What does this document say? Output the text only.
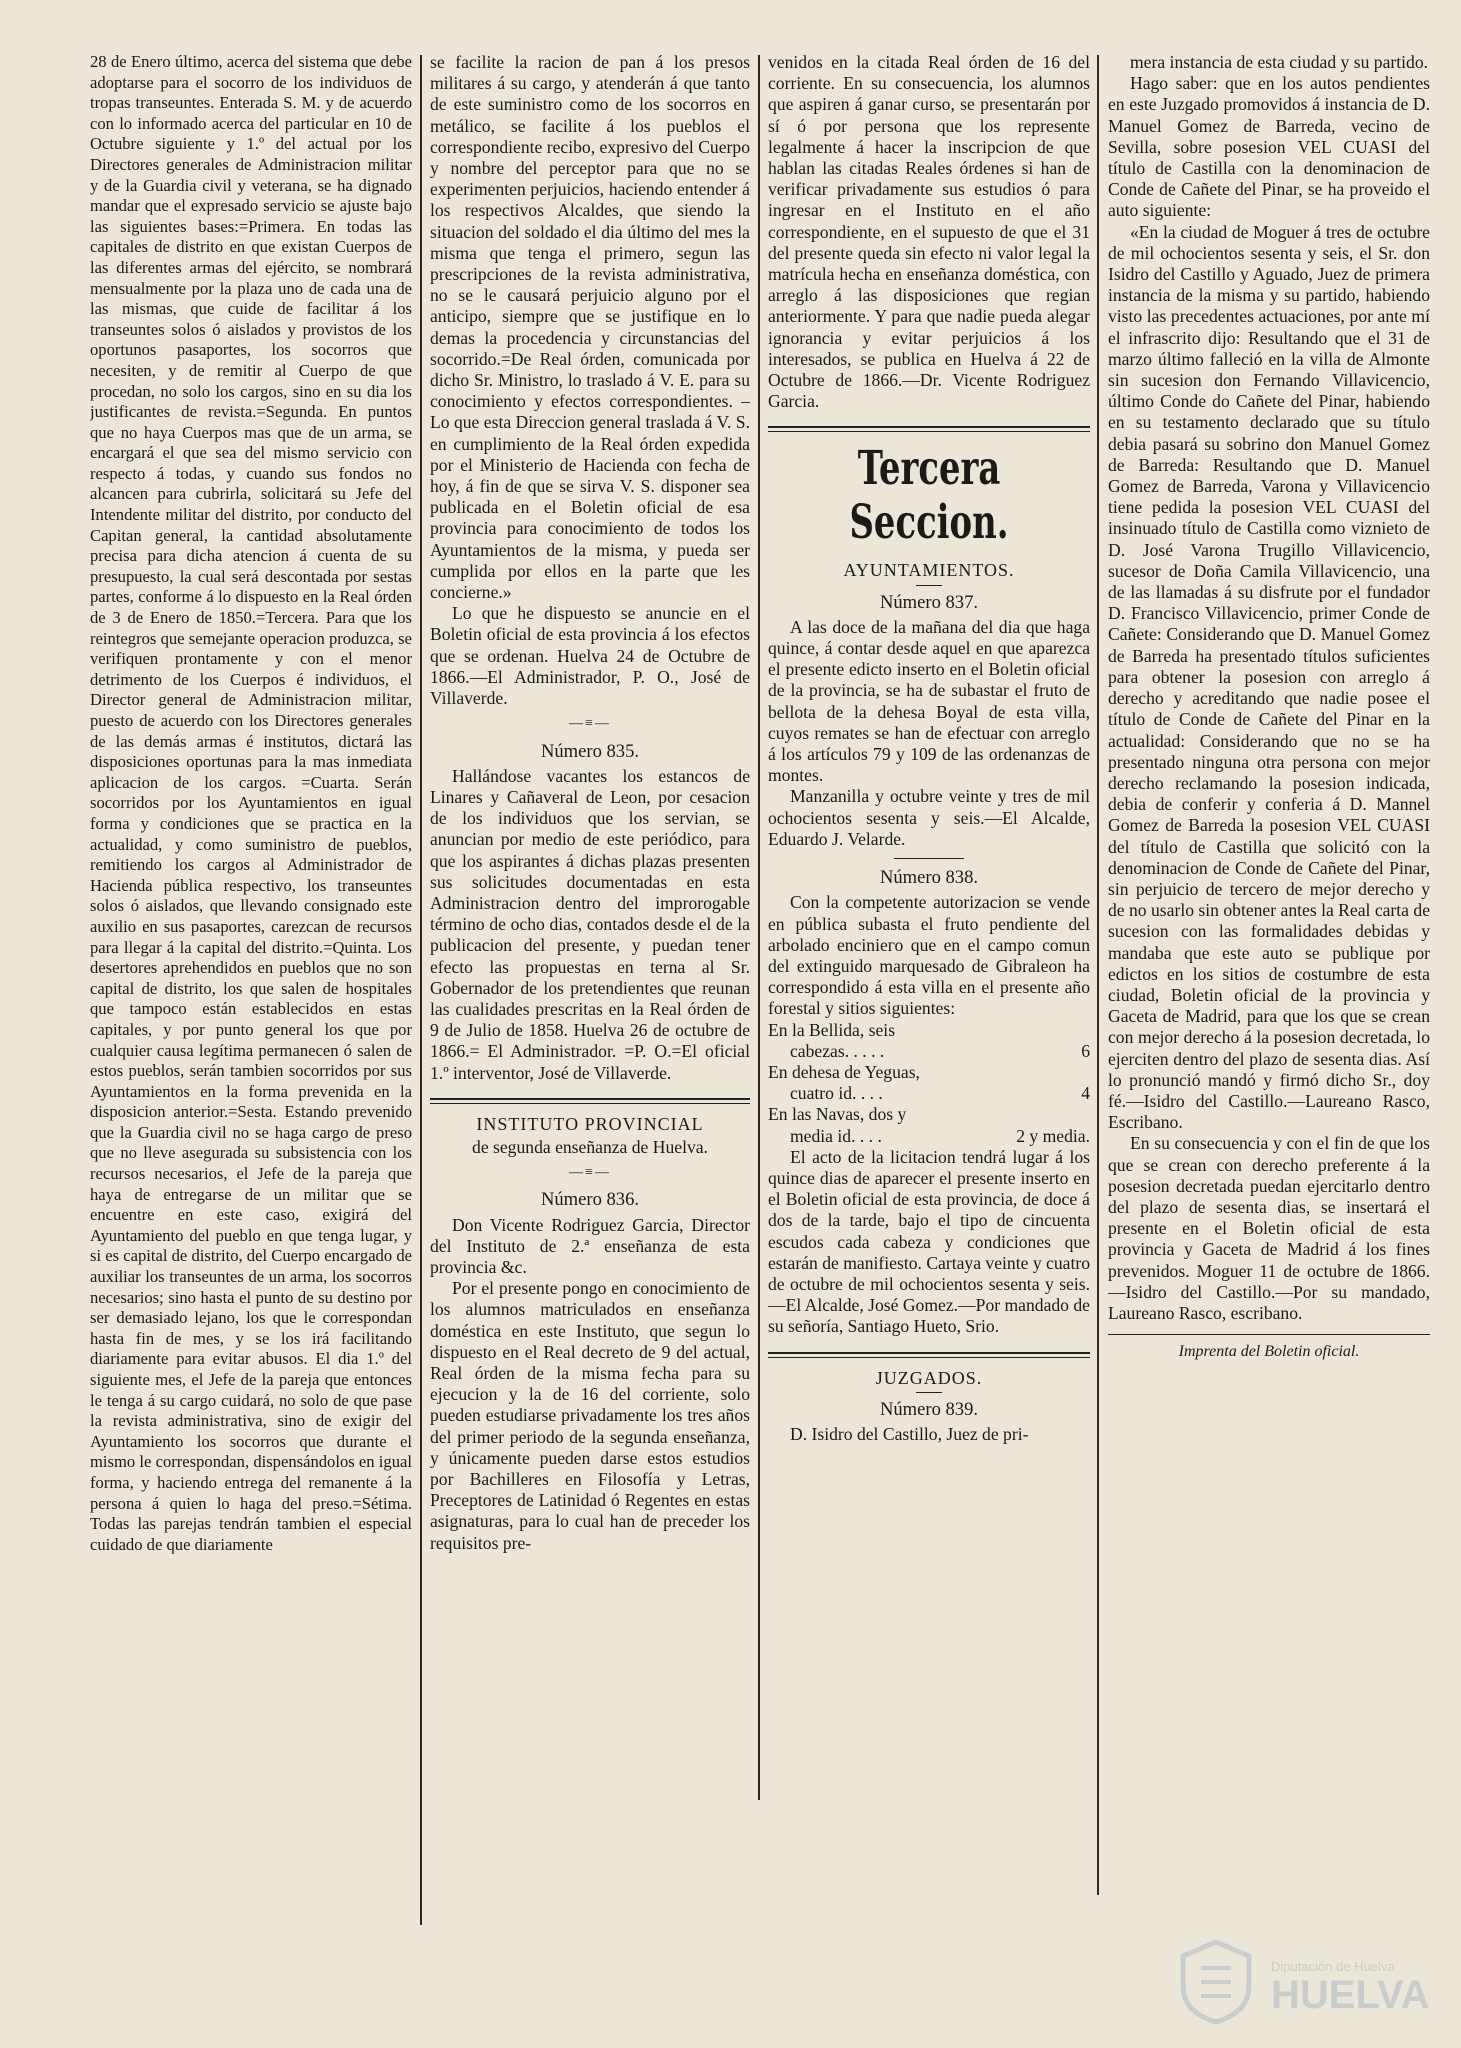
28 de Enero último, acerca del sistema que debe adoptarse para el socorro de los individuos de tropas transeuntes. Enterada S. M. y de acuerdo con lo informado acerca del particular en 10 de Octubre siguiente y 1.º del actual por los Directores generales de Administracion militar y de la Guardia civil y veterana, se ha dignado mandar que el expresado servicio se ajuste bajo las siguientes bases:=Primera. En todas las capitales de distrito en que existan Cuerpos de las diferentes armas del ejército, se nombrará mensualmente por la plaza uno de cada una de las mismas, que cuide de facilitar á los transeuntes solos ó aislados y provistos de los oportunos pasaportes, los socorros que necesiten, y de remitir al Cuerpo de que procedan, no solo los cargos, sino en su dia los justificantes de revista.=Segunda. En puntos que no haya Cuerpos mas que de un arma, se encargará el que sea del mismo servicio con respecto á todas, y cuando sus fondos no alcancen para cubrirla, solicitará su Jefe del Intendente militar del distrito, por conducto del Capitan general, la cantidad absolutamente precisa para dicha atencion á cuenta de su presupuesto, la cual será descontada por sestas partes, conforme á lo dispuesto en la Real órden de 3 de Enero de 1850.=Tercera. Para que los reintegros que semejante operacion produzca, se verifiquen prontamente y con el menor detrimento de los Cuerpos é individuos, el Director general de Administracion militar, puesto de acuerdo con los Directores generales de las demás armas é institutos, dictará las disposiciones oportunas para la mas inmediata aplicacion de los cargos. =Cuarta. Serán socorridos por los Ayuntamientos en igual forma y condiciones que se practica en la actualidad, y como suministro de pueblos, remitiendo los cargos al Administrador de Hacienda pública respectivo, los transeuntes solos ó aislados, que llevando consignado este auxilio en sus pasaportes, carezcan de recursos para llegar á la capital del distrito.=Quinta. Los desertores aprehendidos en pueblos que no son capital de distrito, los que salen de hospitales que tampoco están establecidos en estas capitales, y por punto general los que por cualquier causa legítima permanecen ó salen de estos pueblos, serán tambien socorridos por sus Ayuntamientos en la forma prevenida en la disposicion anterior.=Sesta. Estando prevenido que la Guardia civil no se haga cargo de preso que no lleve asegurada su subsistencia con los recursos necesarios, el Jefe de la pareja que haya de entregarse de un militar que se encuentre en este caso, exigirá del Ayuntamiento del pueblo en que tenga lugar, y si es capital de distrito, del Cuerpo encargado de auxiliar los transeuntes de un arma, los socorros necesarios; sino hasta el punto de su destino por ser demasiado lejano, los que le correspondan hasta fin de mes, y se los irá facilitando diariamente para evitar abusos. El dia 1.º del siguiente mes, el Jefe de la pareja que entonces le tenga á su cargo cuidará, no solo de que pase la revista administrativa, sino de exigir del Ayuntamiento los socorros que durante el mismo le correspondan, dispensándolos en igual forma, y haciendo entrega del remanente á la persona á quien lo haga del preso.=Sétima. Todas las parejas tendrán tambien el especial cuidado de que diariamente

se facilite la racion de pan á los presos militares á su cargo, y atenderán á que tanto de este suministro como de los socorros en metálico, se facilite á los pueblos el correspondiente recibo, expresivo del Cuerpo y nombre del perceptor para que no se experimenten perjuicios, haciendo entender á los respectivos Alcaldes, que siendo la situacion del soldado el dia último del mes la misma que tenga el primero, segun las prescripciones de la revista administrativa, no se le causará perjuicio alguno por el anticipo, siempre que se justifique en lo demas la procedencia y circunstancias del socorrido.=De Real órden, comunicada por dicho Sr. Ministro, lo traslado á V. E. para su conocimiento y efectos correspondientes. –Lo que esta Direccion general traslada á V. S. en cumplimiento de la Real órden expedida por el Ministerio de Hacienda con fecha de hoy, á fin de que se sirva V. S. disponer sea publicada en el Boletin oficial de esa provincia para conocimiento de todos los Ayuntamientos de la misma, y pueda ser cumplida por ellos en la parte que les concierne.»

Lo que he dispuesto se anuncie en el Boletin oficial de esta provincia á los efectos que se ordenan. Huelva 24 de Octubre de 1866.—El Administrador, P. O., José de Villaverde.

—≡—
Número 835.

Hallándose vacantes los estancos de Linares y Cañaveral de Leon, por cesacion de los individuos que los servian, se anuncian por medio de este periódico, para que los aspirantes á dichas plazas presenten sus solicitudes documentadas en esta Administracion dentro del improrogable término de ocho dias, contados desde el de la publicacion del presente, y puedan tener efecto las propuestas en terna al Sr. Gobernador de los pretendientes que reunan las cualidades prescritas en la Real órden de 9 de Julio de 1858. Huelva 26 de octubre de 1866.= El Administrador. =P. O.=El oficial 1.º interventor, José de Villaverde.

INSTITUTO PROVINCIAL
de segunda enseñanza de Huelva.
—≡—
Número 836.

Don Vicente Rodriguez Garcia, Director del Instituto de 2.ª enseñanza de esta provincia &c.

Por el presente pongo en conocimiento de los alumnos matriculados en enseñanza doméstica en este Instituto, que segun lo dispuesto en el Real decreto de 9 del actual, Real órden de la misma fecha para su ejecucion y la de 16 del corriente, solo pueden estudiarse privadamente los tres años del primer periodo de la segunda enseñanza, y únicamente pueden darse estos estudios por Bachilleres en Filosofía y Letras, Preceptores de Latinidad ó Regentes en estas asignaturas, para lo cual han de preceder los requisitos pre-

venidos en la citada Real órden de 16 del corriente. En su consecuencia, los alumnos que aspiren á ganar curso, se presentarán por sí ó por persona que los represente legalmente á hacer la inscripcion de que hablan las citadas Reales órdenes si han de verificar privadamente sus estudios ó para ingresar en el Instituto en el año correspondiente, en el supuesto de que el 31 del presente queda sin efecto ni valor legal la matrícula hecha en enseñanza doméstica, con arreglo á las disposiciones que regian anteriormente. Y para que nadie pueda alegar ignorancia y evitar perjuicios á los interesados, se publica en Huelva á 22 de Octubre de 1866.—Dr. Vicente Rodriguez Garcia.

Tercera Seccion.
AYUNTAMIENTOS.
Número 837.

A las doce de la mañana del dia que haga quince, á contar desde aquel en que aparezca el presente edicto inserto en el Boletin oficial de la provincia, se ha de subastar el fruto de bellota de la dehesa Boyal de esta villa, cuyos remates se han de efectuar con arreglo á los artículos 79 y 109 de las ordenanzas de montes.

Manzanilla y octubre veinte y tres de mil ochocientos sesenta y seis.—El Alcalde, Eduardo J. Velarde.

Número 838.

Con la competente autorizacion se vende en pública subasta el fruto pendiente del arbolado encinieго que en el campo comun del extinguido marquesado de Gibraleon ha correspondido á esta villa en el presente año forestal y sitios siguientes:

En la Bellida, seis
cabezas. . . . .	6
En dehesa de Yeguas,
cuatro id. . . .	4
En las Navas, dos y
media id. . . .	2 y media.

El acto de la licitacion tendrá lugar á los quince dias de aparecer el presente inserto en el Boletin oficial de esta provincia, de doce á dos de la tarde, bajo el tipo de cincuenta escudos cada cabeza y condiciones que estarán de manifiesto. Cartaya veinte y cuatro de octubre de mil ochocientos sesenta y seis.—El Alcalde, José Gomez.—Por mandado de su señoría, Santiago Hueto, Srio.

JUZGADOS.
Número 839.

D. Isidro del Castillo, Juez de pri-

mera instancia de esta ciudad y su partido.

Hago saber: que en los autos pendientes en este Juzgado promovidos á instancia de D. Manuel Gomez de Barreda, vecino de Sevilla, sobre posesion VEL CUASI del título de Castilla con la denominacion de Conde de Cañete del Pinar, se ha proveido el auto siguiente:

«En la ciudad de Moguer á tres de octubre de mil ochocientos sesenta y seis, el Sr. don Isidro del Castillo y Aguado, Juez de primera instancia de la misma y su partido, habiendo visto las precedentes actuaciones, por ante mí el infrascrito dijo: Resultando que el 31 de marzo último falleció en la villa de Almonte sin sucesion don Fernando Villavicencio, último Conde do Cañete del Pinar, habiendo en su testamento declarado que su título debia pasará su sobrino don Manuel Gomez de Barreda: Resultando que D. Manuel Gomez de Barreda, Varona y Villavicencio tiene pedida la posesion VEL CUASI del insinuado título de Castilla como viznieto de D. José Varona Trugillo Villavicencio, sucesor de Doña Camila Villavicencio, una de las llamadas á su disfrute por el fundador D. Francisco Villavicencio, primer Conde de Cañete: Considerando que D. Manuel Gomez de Barreda ha presentado títulos suficientes para obtener la posesion con arreglo á derecho y acreditando que nadie posee el título de Conde de Cañete del Pinar en la actualidad: Considerando que no se ha presentado ninguna otra persona con mejor derecho reclamando la posesion indicada, debia de conferir y conferia á D. Mannel Gomez de Barreda la posesion VEL CUASI del título de Castilla que solicitó con la denominacion de Conde de Cañete del Pinar, sin perjuicio de tercero de mejor derecho y de no usarlo sin obtener antes la Real carta de sucesion con las formalidades debidas y mandaba que este auto se publique por edictos en los sitios de costumbre de esta ciudad, Boletin oficial de la provincia y Gaceta de Madrid, para que los que se crean con mejor derecho á la posesion decretada, lo ejerciten dentro del plazo de sesenta dias. Así lo pronunció mandó y firmó dicho Sr., doy fé.—Isidro del Castillo.—Laureano Rasco, Escribano.

En su consecuencia y con el fin de que los que se crean con derecho preferente á la posesion decretada puedan ejercitarlo dentro del plazo de sesenta dias, se insertará el presente en el Boletin oficial de esta provincia y Gaceta de Madrid á los fines prevenidos. Moguer 11 de octubre de 1866.—Isidro del Castillo.—Por su mandado, Laureano Rasco, escribano.

Imprenta del Boletin oficial.
Diputación de Huelva
HUELVA
